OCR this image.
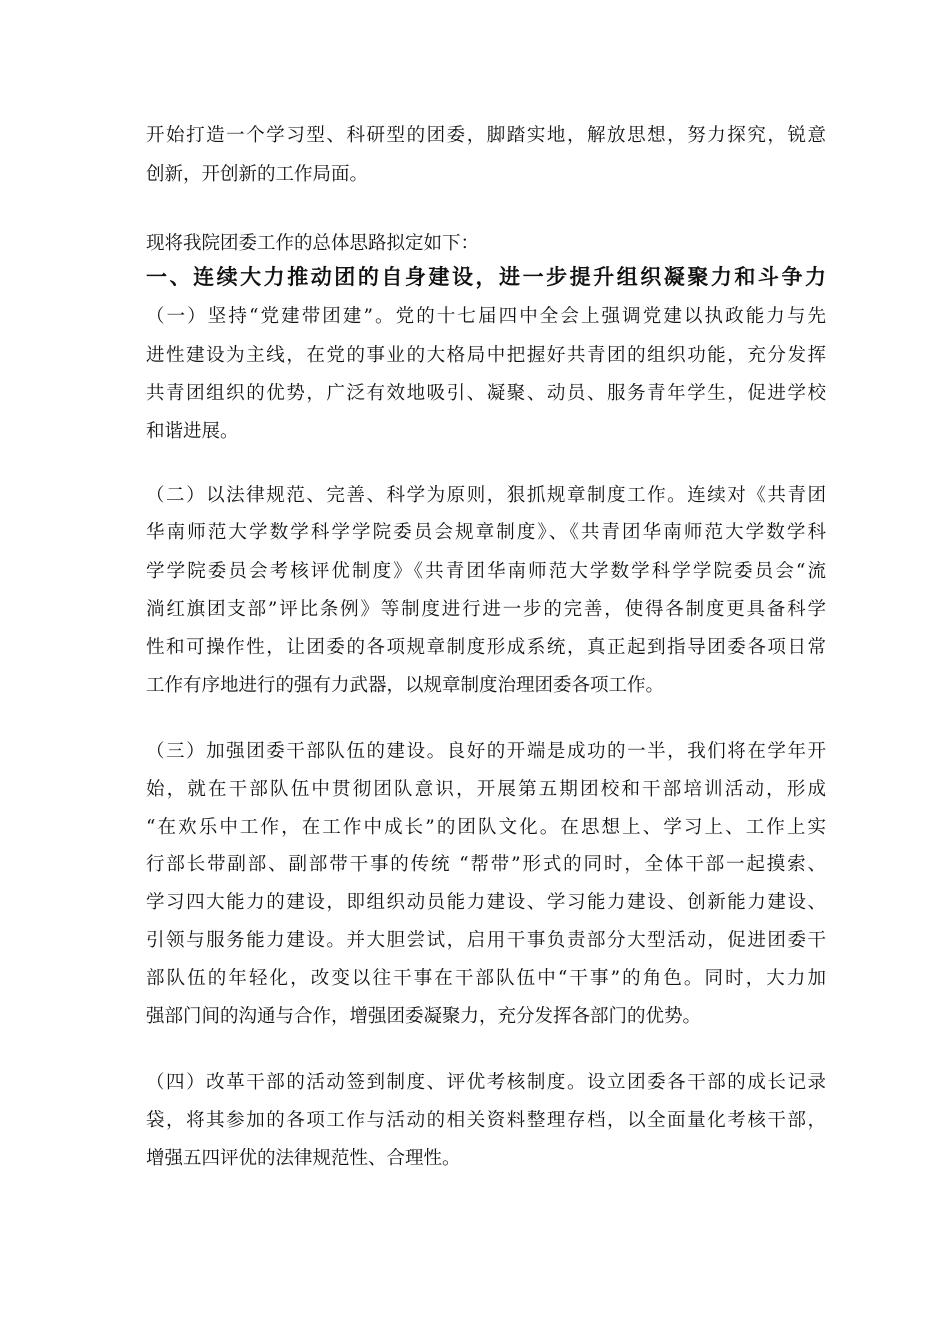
开始打造一个学习型、科研型的团委，脚踏实地，解放思想，努力探究，锐意
创新，开创新的工作局面。
现将我院团委工作的总体思路拟定如下：
一、连续大力推动团的自身建设，进一步提升组织凝聚力和斗争力
（一）坚持“党建带团建”。党的十七届四中全会上强调党建以执政能力与先
进性建设为主线，在党的事业的大格局中把握好共青团的组织功能，充分发挥
共青团组织的优势，广泛有效地吸引、凝聚、动员、服务青年学生，促进学校
和谐进展。
（二）以法律规范、完善、科学为原则，狠抓规章制度工作。连续对《共青团
华南师范大学数学科学学院委员会规章制度》、《共青团华南师范大学数学科
学学院委员会考核评优制度》《共青团华南师范大学数学科学学院委员会“流
淌红旗团支部”评比条例》等制度进行进一步的完善，使得各制度更具备科学
性和可操作性，让团委的各项规章制度形成系统，真正起到指导团委各项日常
工作有序地进行的强有力武器，以规章制度治理团委各项工作。
（三）加强团委干部队伍的建设。良好的开端是成功的一半，我们将在学年开
始，就在干部队伍中贯彻团队意识，开展第五期团校和干部培训活动，形成
“在欢乐中工作，在工作中成长”的团队文化。在思想上、学习上、工作上实
行部长带副部、副部带干事的传统 “帮带”形式的同时，全体干部一起摸索、
学习四大能力的建设，即组织动员能力建设、学习能力建设、创新能力建设、
引领与服务能力建设。并大胆尝试，启用干事负责部分大型活动，促进团委干
部队伍的年轻化，改变以往干事在干部队伍中“干事”的角色。同时，大力加
强部门间的沟通与合作，增强团委凝聚力，充分发挥各部门的优势。
（四）改革干部的活动签到制度、评优考核制度。设立团委各干部的成长记录
袋，将其参加的各项工作与活动的相关资料整理存档，以全面量化考核干部，
增强五四评优的法律规范性、合理性。
